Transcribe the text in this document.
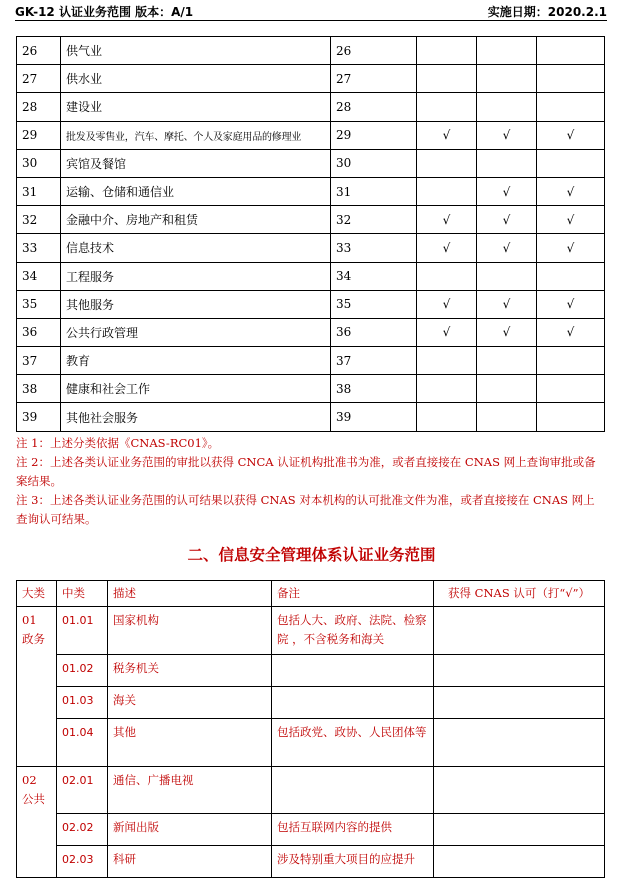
GK-12 认证业务范围 版本：A/1	实施日期：2020.2.1
26	供气业	26			
27	供水业	27			
28	建设业	28			
29	批发及零售业，汽车、摩托、个人及家庭用品的修理业	29	√	√	√
30	宾馆及餐馆	30			
31	运输、仓储和通信业	31		√	√
32	金融中介、房地产和租赁	32	√	√	√
33	信息技术	33	√	√	√
34	工程服务	34			
35	其他服务	35	√	√	√
36	公共行政管理	36	√	√	√
37	教育	37			
38	健康和社会工作	38			
39	其他社会服务	39			

注 1：上述分类依据《CNAS-RC01》。

注 2：上述各类认证业务范围的审批以获得 CNCA 认证机构批准书为准，或者直接接在 CNAS 网上查询审批或备案结果。

注 3：上述各类认证业务范围的认可结果以获得 CNAS 对本机构的认可批准文件为准，或者直接接在 CNAS 网上查询认可结果。

二、信息安全管理体系认证业务范围
大类	中类	描述	备注	获得 CNAS 认可（打“√”）
01 政务	01.01	国家机构	包括人大、政府、法院、检察院 ，不含税务和海关	
	01.02	税务机关		
	01.03	海关		
	01.04	其他	包括政党、政协、人民团体等	
02 公共	02.01	通信、广播电视		
	02.02	新闻出版	包括互联网内容的提供	
	02.03	科研	涉及特别重大项目的应提升	
